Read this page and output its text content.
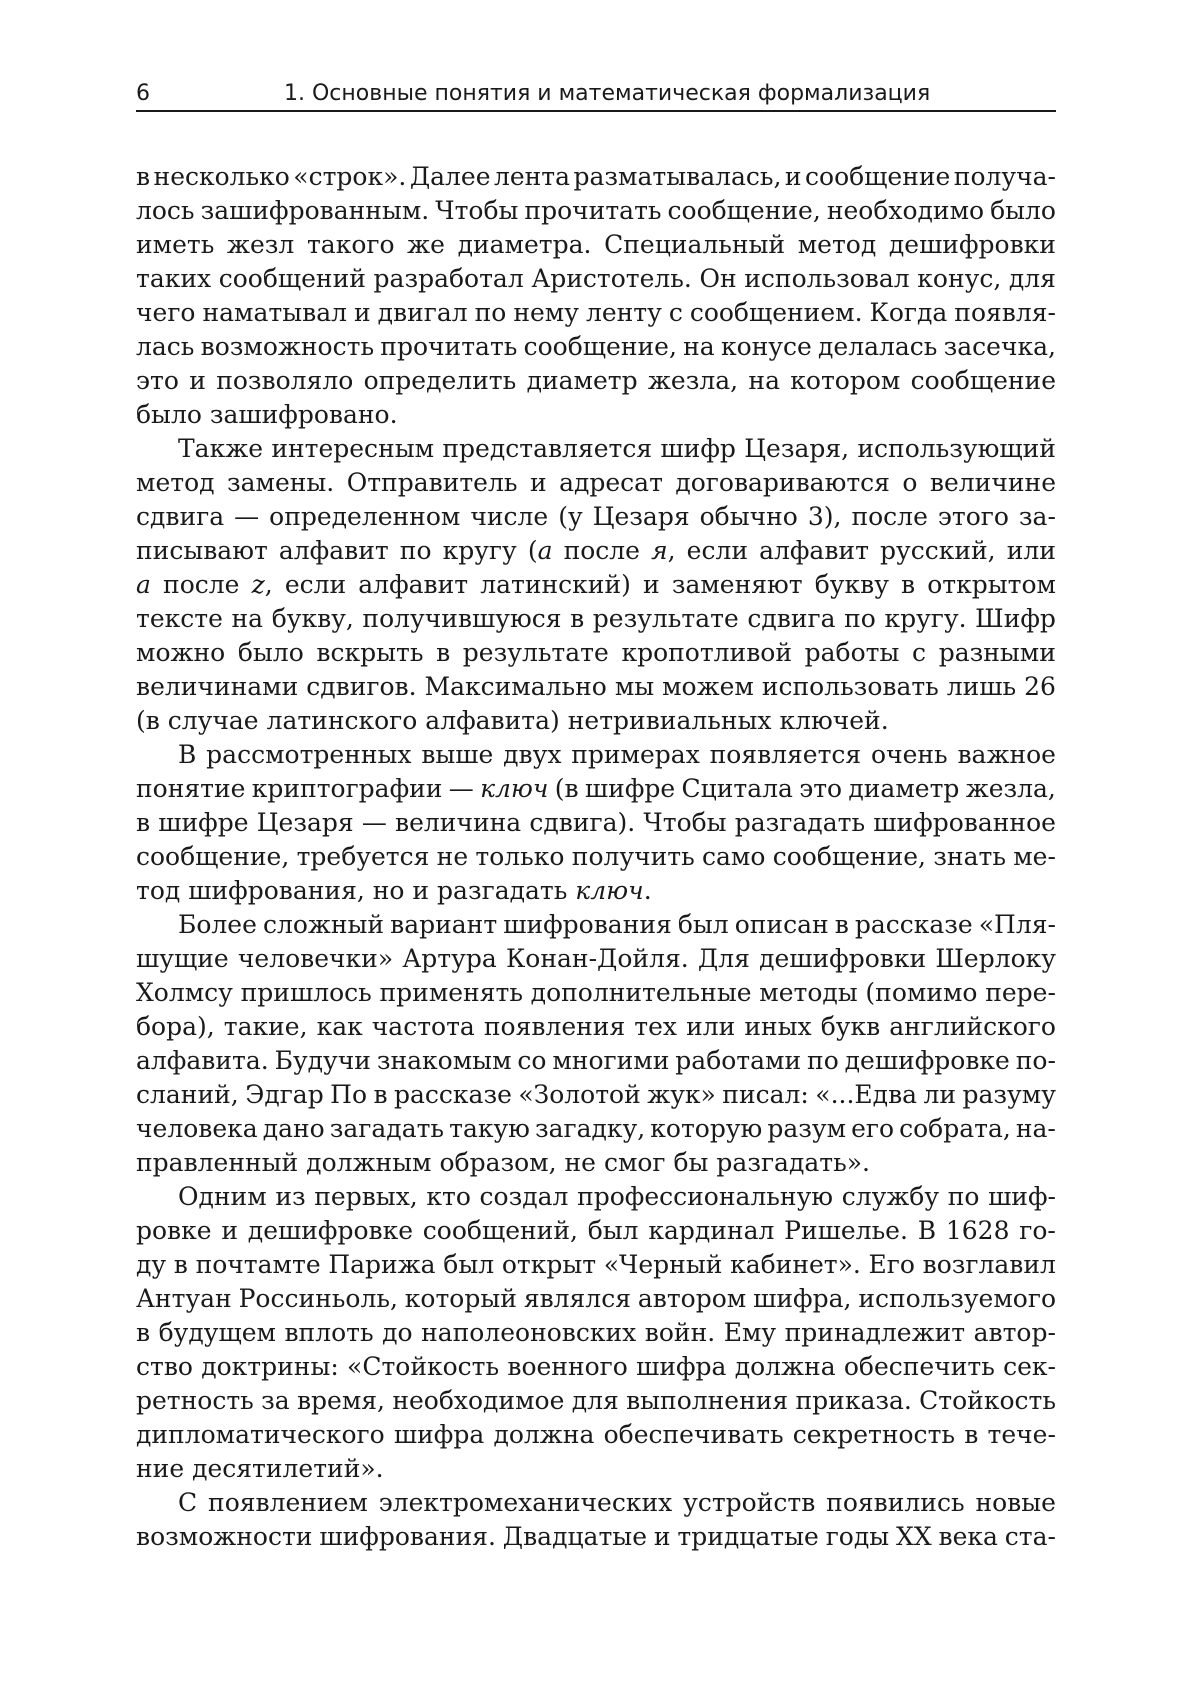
6	1. Основные понятия и математическая формализация
в несколько «строк». Далее лента разматывалась, и сообщение получа-
лось зашифрованным. Чтобы прочитать сообщение, необходимо было
иметь жезл такого же диаметра. Специальный метод дешифровки
таких сообщений разработал Аристотель. Он использовал конус, для
чего наматывал и двигал по нему ленту с сообщением. Когда появля-
лась возможность прочитать сообщение, на конусе делалась засечка,
это и позволяло определить диаметр жезла, на котором сообщение
было зашифровано.
Также интересным представляется шифр Цезаря, использующий
метод замены. Отправитель и адресат договариваются о величине
сдвига — определенном числе (у Цезаря обычно 3), после этого за-
писывают алфавит по кругу (а после я, если алфавит русский, или
а после z, если алфавит латинский) и заменяют букву в открытом
тексте на букву, получившуюся в результате сдвига по кругу. Шифр
можно было вскрыть в результате кропотливой работы с разными
величинами сдвигов. Максимально мы можем использовать лишь 26
(в случае латинского алфавита) нетривиальных ключей.
В рассмотренных выше двух примерах появляется очень важное
понятие криптографии — ключ (в шифре Сцитала это диаметр жезла,
в шифре Цезаря — величина сдвига). Чтобы разгадать шифрованное
сообщение, требуется не только получить само сообщение, знать ме-
тод шифрования, но и разгадать ключ.
Более сложный вариант шифрования был описан в рассказе «Пля-
шущие человечки» Артура Конан-Дойля. Для дешифровки Шерлоку
Холмсу пришлось применять дополнительные методы (помимо пере-
бора), такие, как частота появления тех или иных букв английского
алфавита. Будучи знакомым со многими работами по дешифровке по-
сланий, Эдгар По в рассказе «Золотой жук» писал: «...Едва ли разуму
человека дано загадать такую загадку, которую разум его собрата, на-
правленный должным образом, не смог бы разгадать».
Одним из первых, кто создал профессиональную службу по шиф-
ровке и дешифровке сообщений, был кардинал Ришелье. В 1628 го-
ду в почтамте Парижа был открыт «Черный кабинет». Его возглавил
Антуан Россиньоль, который являлся автором шифра, используемого
в будущем вплоть до наполеоновских войн. Ему принадлежит автор-
ство доктрины: «Стойкость военного шифра должна обеспечить сек-
ретность за время, необходимое для выполнения приказа. Стойкость
дипломатического шифра должна обеспечивать секретность в тече-
ние десятилетий».
С появлением электромеханических устройств появились новые
возможности шифрования. Двадцатые и тридцатые годы XX века ста-
